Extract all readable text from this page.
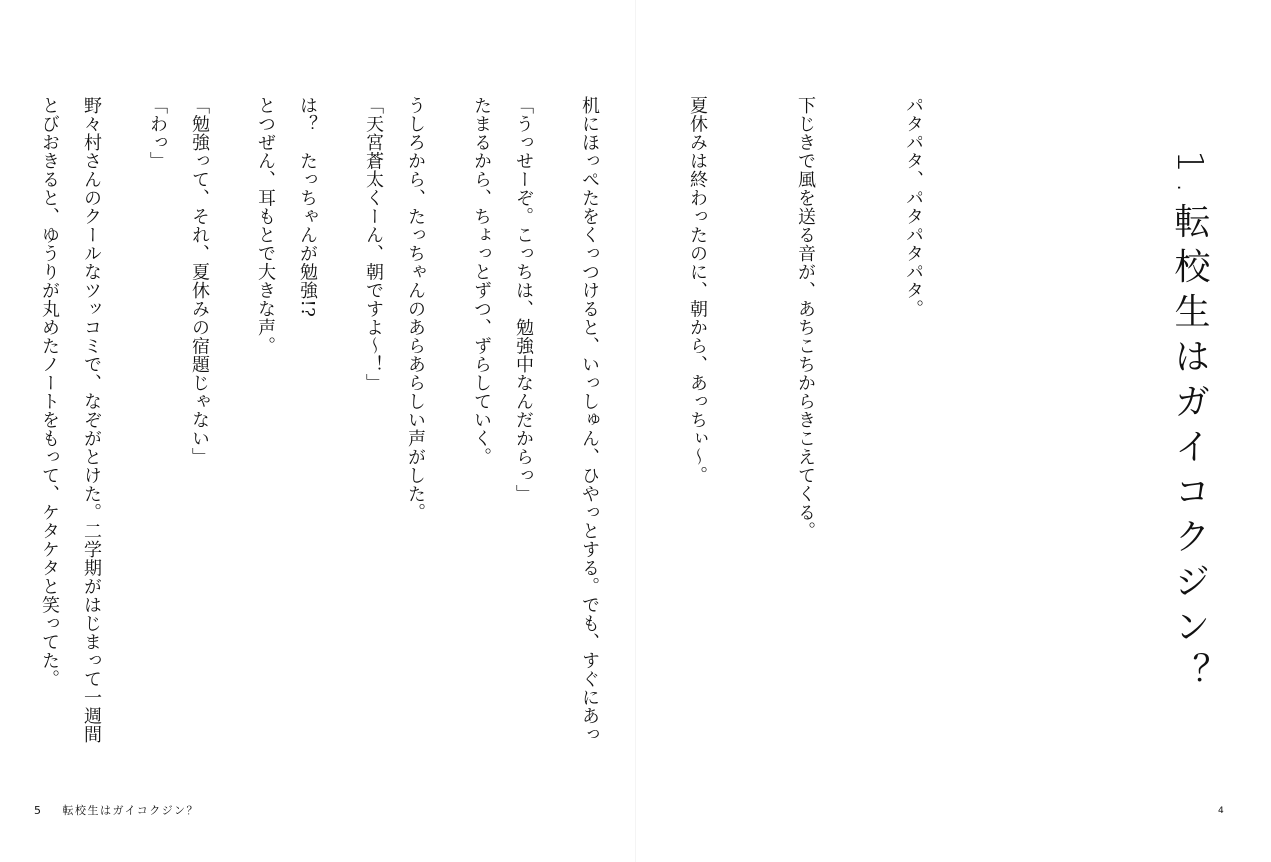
「うっせーぞ。こっちは、勉強中なんだからっ」

うしろから、たっちゃんのあらあらしい声がした。

は？　たっちゃんが勉強!?

「勉強って、それ、夏休みの宿題じゃない」

野々村さんのクールなツッコミで、なぞがとけた。二学期がはじまって一週間

5 転校生はガイコクジン？
1.転校生はガイコクジン？

パタパタ、パタパタパタ。

下じきで風を送る音が、あちこちからきこえてくる。

夏休みは終わったのに、朝から、あっちぃ〜。

机にほっぺたをくっつけると、いっしゅん、ひやっとする。でも、すぐにあっ

たまるから、ちょっとずつ、ずらしていく。

「天宮蒼太くーん、朝ですよ〜！」

とつぜん、耳もとで大きな声。

「わっ」

とびおきると、ゆうりが丸めたノートをもって、ケタケタと笑ってた。

4
